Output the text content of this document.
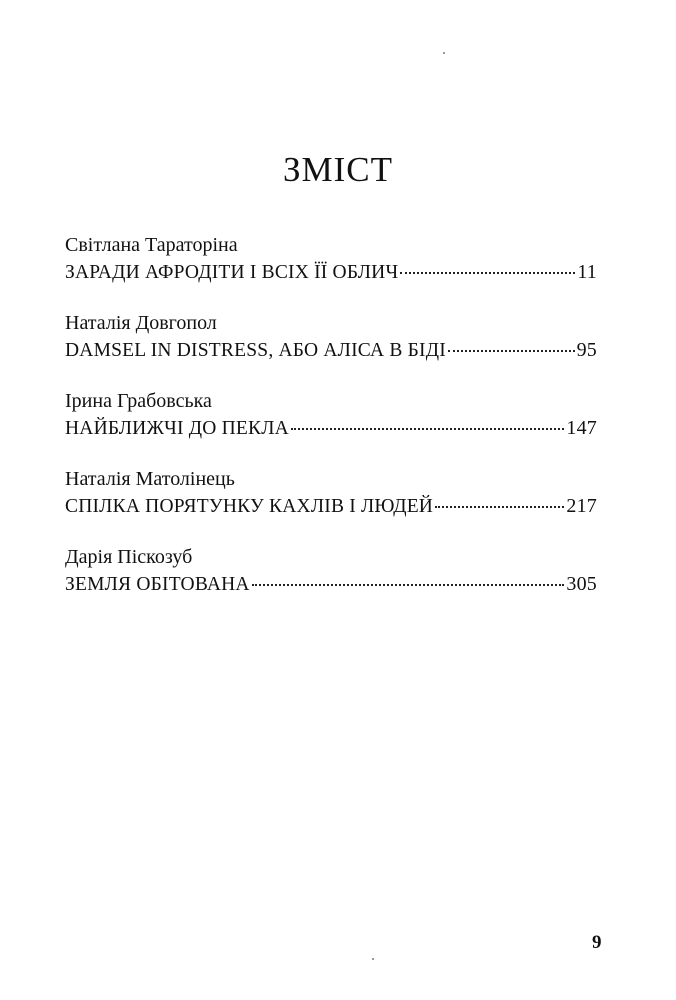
ЗМІСТ
Світлана Тараторіна
ЗАРАДИ АФРОДІТИ І ВСІХ ЇЇ ОБЛИЧ	11
Наталія Довгопол
DAMSEL IN DISTRESS, АБО АЛІСА В БІДІ	95
Ірина Грабовська
НАЙБЛИЖЧІ ДО ПЕКЛА	147
Наталія Матолінець
СПІЛКА ПОРЯТУНКУ КАХЛІВ І ЛЮДЕЙ	217
Дарія Піскозуб
ЗЕМЛЯ ОБІТОВАНА	305
9
